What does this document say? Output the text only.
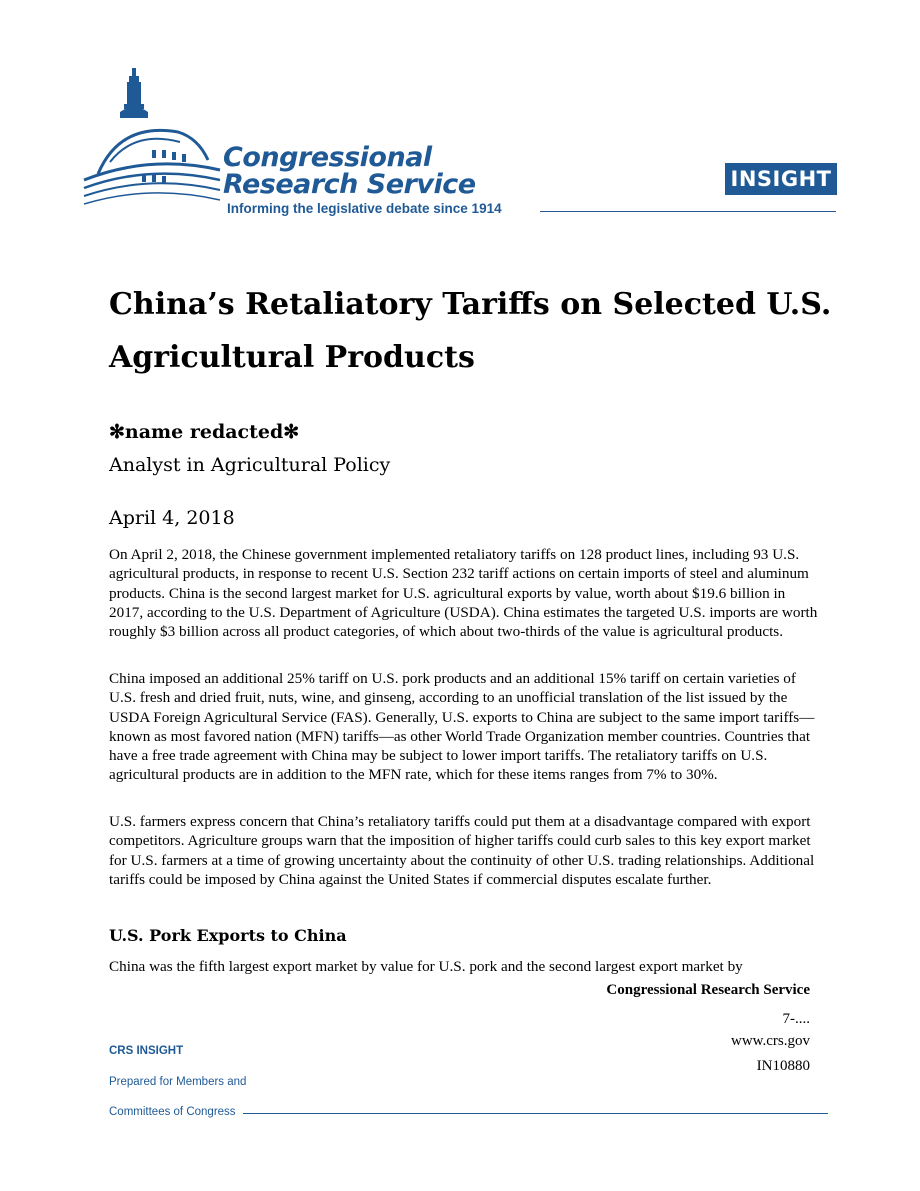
Congressional
Research Service
Informing the legislative debate since 1914
INSIGHT
China’s Retaliatory Tariffs on Selected U.S. Agricultural Products
✻name redacted✻
Analyst in Agricultural Policy
April 4, 2018

On April 2, 2018, the Chinese government implemented retaliatory tariffs on 128 product lines, including 93 U.S. agricultural products, in response to recent U.S. Section 232 tariff actions on certain imports of steel and aluminum products. China is the second largest market for U.S. agricultural exports by value, worth about $19.6 billion in 2017, according to the U.S. Department of Agriculture (USDA). China estimates the targeted U.S. imports are worth roughly $3 billion across all product categories, of which about two-thirds of the value is agricultural products.

China imposed an additional 25% tariff on U.S. pork products and an additional 15% tariff on certain varieties of U.S. fresh and dried fruit, nuts, wine, and ginseng, according to an unofficial translation of the list issued by the USDA Foreign Agricultural Service (FAS). Generally, U.S. exports to China are subject to the same import tariffs—known as most favored nation (MFN) tariffs—as other World Trade Organization member countries. Countries that have a free trade agreement with China may be subject to lower import tariffs. The retaliatory tariffs on U.S. agricultural products are in addition to the MFN rate, which for these items ranges from 7% to 30%.

U.S. farmers express concern that China’s retaliatory tariffs could put them at a disadvantage compared with export competitors. Agriculture groups warn that the imposition of higher tariffs could curb sales to this key export market for U.S. farmers at a time of growing uncertainty about the continuity of other U.S. trading relationships. Additional tariffs could be imposed by China against the United States if commercial disputes escalate further.

U.S. Pork Exports to China

China was the fifth largest export market by value for U.S. pork and the second largest export market by

Congressional Research Service
7-....
www.crs.gov
IN10880
CRS INSIGHT
Prepared for Members and
Committees of Congress
